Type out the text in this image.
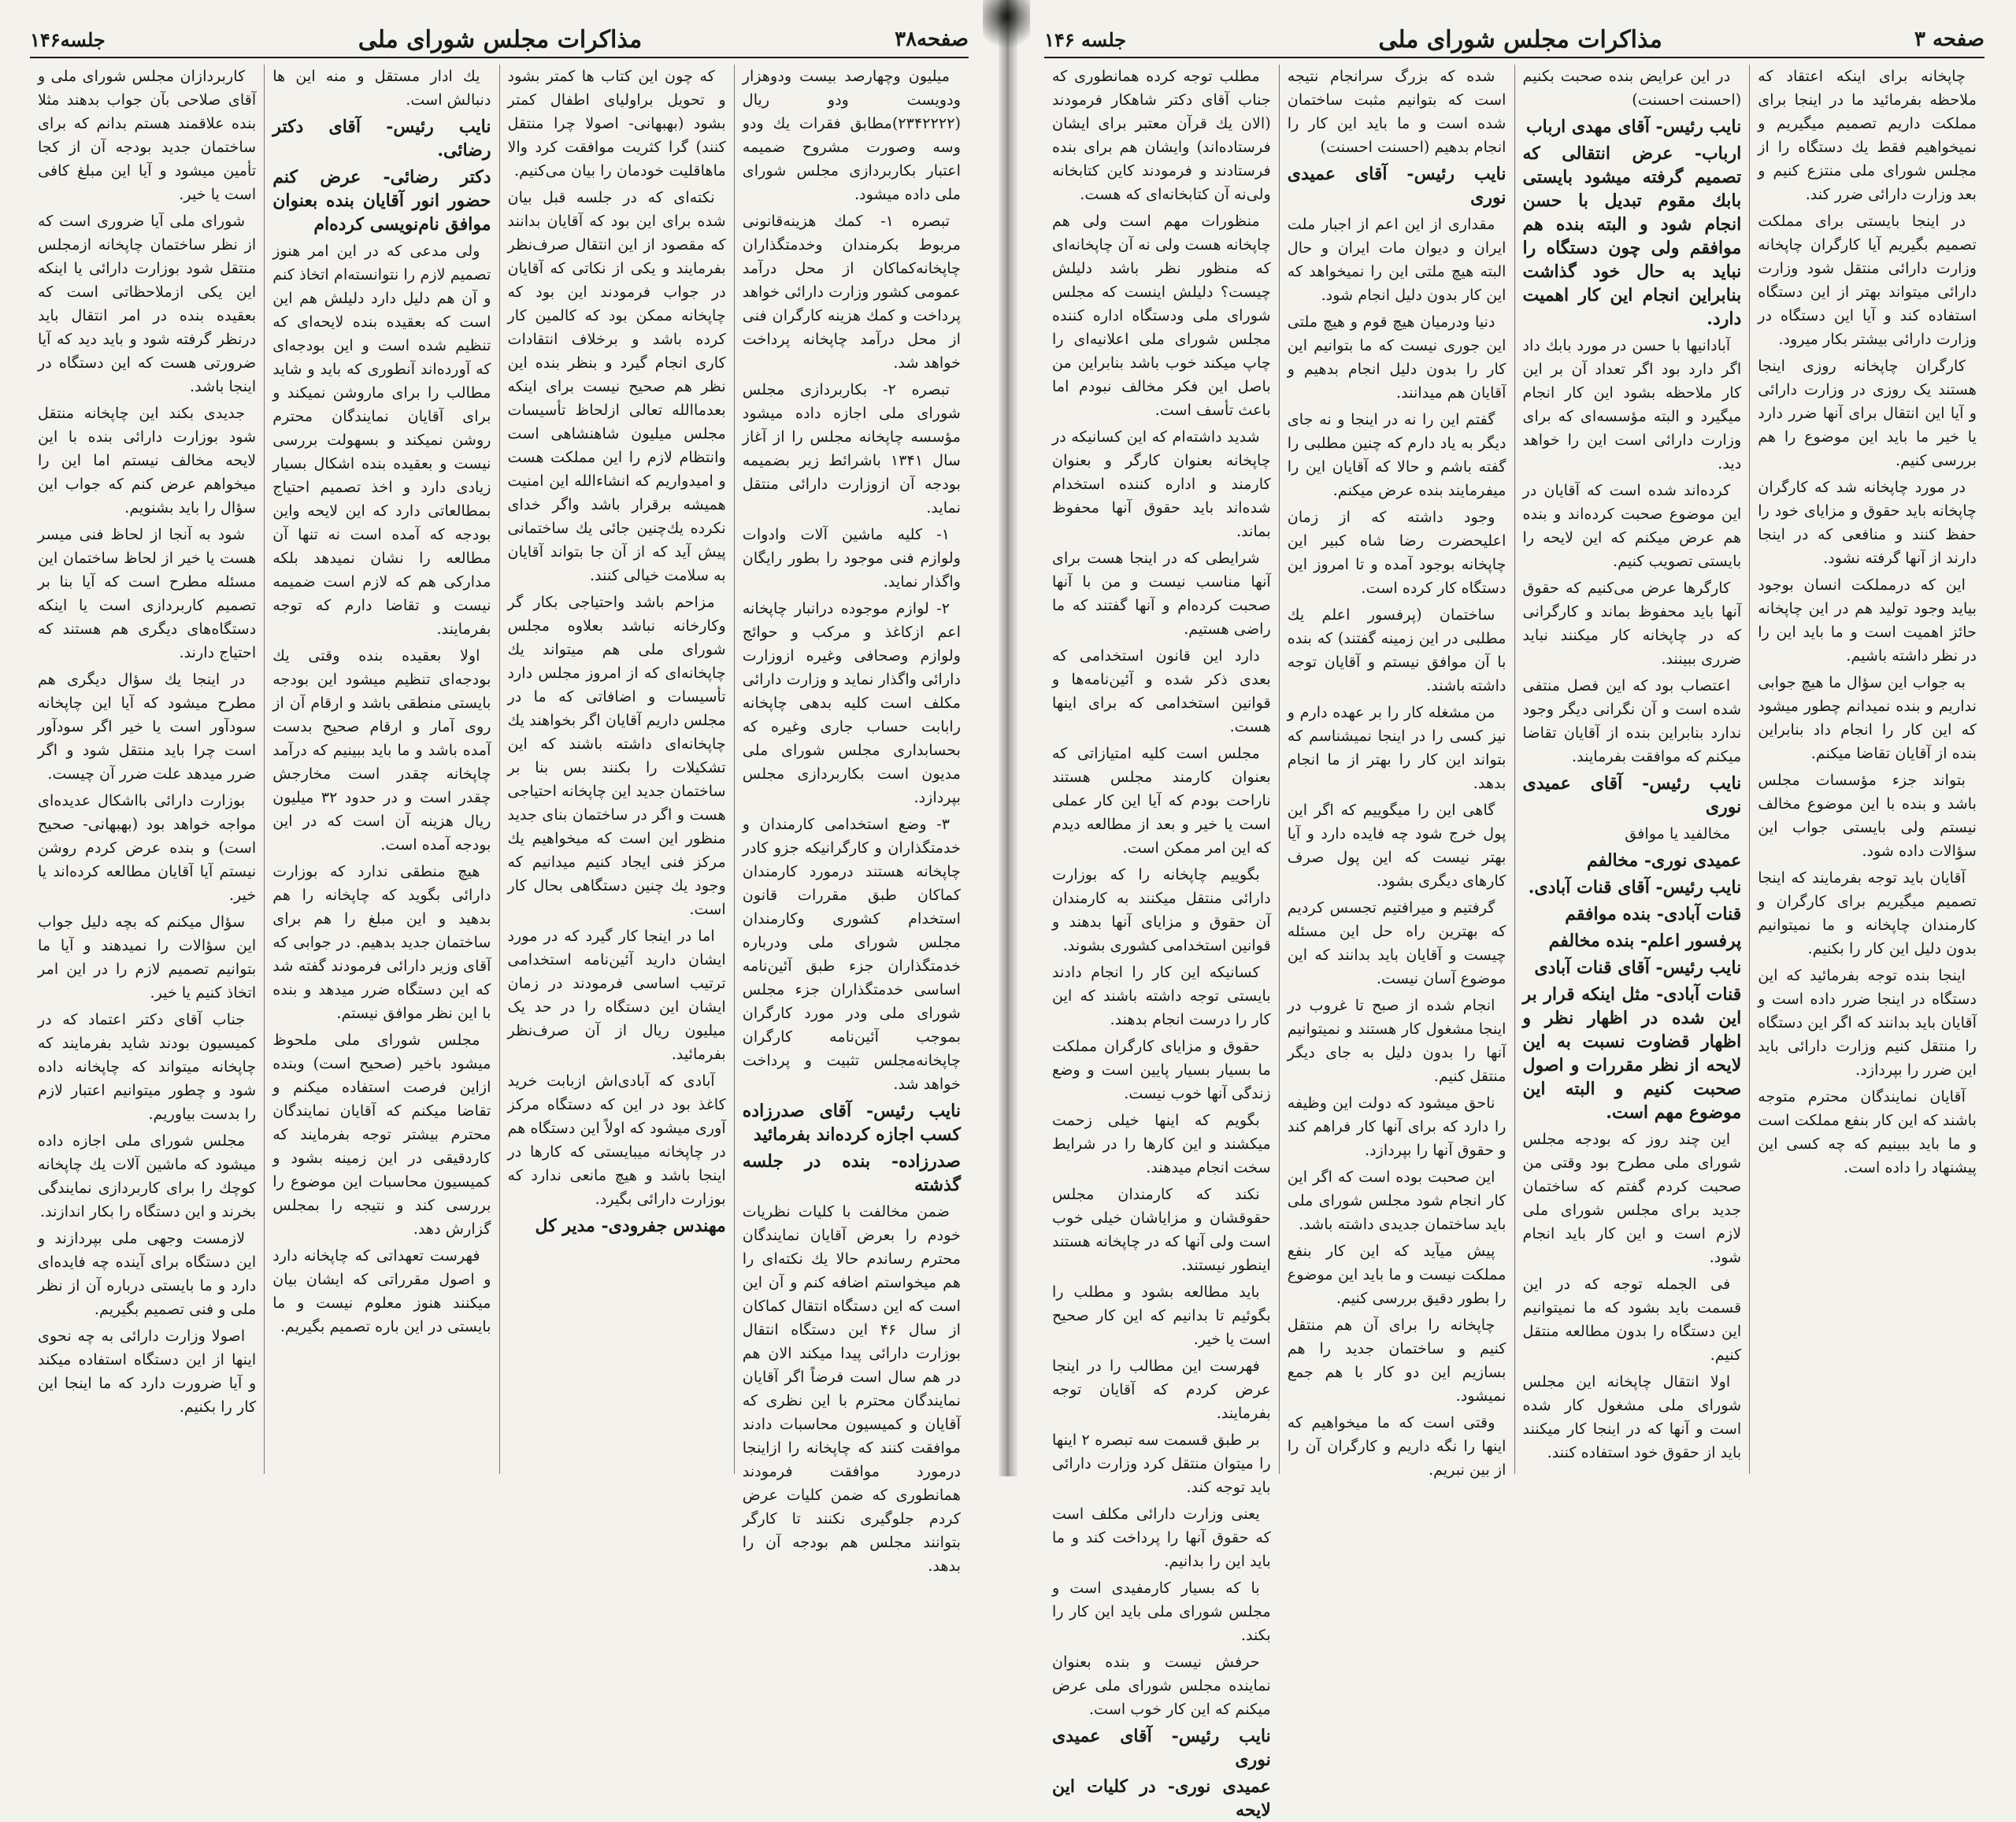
صفحه۳۸
مذاکرات مجلس شورای ملی
جلسه۱۴۶

میلیون وچهارصد بیست ودوهزار ودویست ودو ریال (۲۳۴۲۲۲۲)مطابق فقرات یك ودو وسه وصورت مشروح ضمیمه اعتبار بکاربردازی مجلس شورای ملی داده میشود.

تبصره ۱- کمك هزینه‌قانونی مربوط بکرمندان وخدمتگذاران چاپخانه‌کماکان از محل درآمد عمومی کشور وزارت دارائی خواهد پرداخت و کمك هزینه کارگران فنی از محل درآمد چاپخانه پرداخت خواهد شد.

تبصره ۲- بکاربردازی مجلس شورای ملی اجازه داده میشود مؤسسه چاپخانه مجلس را از آغاز سال ۱۳۴۱ باشرائط زیر بضمیمه بودجه آن ازوزارت دارائی منتقل نماید.

۱- کلیه ماشین آلات وادوات ولوازم فنی موجود را بطور رایگان واگذار نماید.

۲- لوازم موجوده درانبار چاپخانه اعم ازکاغذ و مرکب و حوائج ولوازم وصحافی وغیره ازوزارت دارائی واگذار نماید و وزارت دارائی مکلف است کلیه بدهی چاپخانه رابابت حساب جاری وغیره که بحسابداری مجلس شورای ملی مدیون است بکاربردازی مجلس بپردازد.

۳- وضع استخدامی کارمندان و خدمتگذاران و کارگرانیکه جزو کادر چاپخانه هستند درمورد کارمندان کماکان طبق مقررات قانون استخدام کشوری وکارمندان مجلس شورای ملی ودرباره خدمتگذاران جزء طبق آئین‌نامه اساسی خدمتگذاران جزء مجلس شورای ملی ودر مورد کارگران بموجب آئین‌نامه کارگران چاپخانه‌مجلس تثبیت و پرداخت خواهد شد.

نایب رئیس- آقای صدرزاده کسب اجازه کرده‌اند بفرمائید

صدرزاده- بنده در جلسه گذشته

ضمن مخالفت با کلیات نظریات خودم را بعرض آقایان نمایندگان محترم رساندم حالا یك نکته‌ای را هم میخواستم اضافه کنم و آن این است که این دستگاه انتقال کماکان از سال ۴۶ این دستگاه انتقال بوزارت دارائی پیدا میکند الان هم در هم سال است فرضاً اگر آقایان نمایندگان محترم با این نظری که آقایان و کمیسیون محاسبات دادند موافقت کنند که چاپخانه را ازاینجا درمورد موافقت فرمودند همانطوری که ضمن کلیات عرض کردم جلوگیری نکنند تا کارگر بتوانند مجلس هم بودجه آن را بدهد.

که چون این کتاب ها کمتر بشود و تحویل براولیای اطفال کمتر بشود (بهبهانی- اصولا چرا منتقل کنند) گرا کثریت موافقت کرد والا ماهاقلیت خودمان را بیان می‌کنیم.

نکته‌ای که در جلسه قبل بیان شده برای این بود که آقایان بدانند که مقصود از این انتقال صرف‌نظر بفرمایند و یکی از نکاتی که آقایان در جواب فرمودند این بود که چاپخانه ممکن بود که کالمین کار کرده باشد و برخلاف انتقادات کاری انجام گیرد و بنظر بنده این نظر هم صحیح نیست برای اینکه بعدماالله تعالی ازلحاظ تأسیسات مجلس میلیون شاهنشاهی است وانتظام لازم را این مملکت هست و امیدواریم که انشاءالله این امنیت همیشه برقرار باشد واگر خدای نکرده یك‌چنین جائی یك ساختمانی پیش آید که از آن جا بتواند آقایان به سلامت خیالی کنند.

مزاحم باشد واحتیاجی بکار گر وکارخانه نباشد بعلاوه مجلس شورای ملی هم میتواند یك چاپخانه‌ای که از امروز مجلس دارد تأسیسات و اضافاتی که ما در مجلس داریم آقایان اگر بخواهند یك چاپخانه‌ای داشته باشند که این تشکیلات را بکنند بس بنا بر ساختمان جدید این چاپخانه احتیاجی هست و اگر در ساختمان بنای جدید منظور این است که میخواهیم یك مرکز فنی ایجاد کنیم میدانیم که وجود یك چنین دستگاهی بحال کار است.

اما در اینجا کار گیرد که در مورد ایشان دارید آئین‌نامه استخدامی ترتیب اساسی فرمودند در زمان ایشان این دستگاه را در حد یک میلیون ریال از آن صرف‌نظر بفرمائید.

آبادی که آبادی‌اش ازبابت خرید کاغذ بود در این که دستگاه مرکز آوری میشود که اولاً این دستگاه هم در چاپخانه میبایستی که کارها در اینجا باشد و هیچ مانعی ندارد که بوزارت دارائی بگیرد.

مهندس جفرودی- مدیر کل

یك ادار مستقل و منه این ها دنبالش است.

نایب رئیس- آقای دکتر رضائی.

دکتر رضائی- عرض کنم حضور انور آقایان بنده بعنوان موافق نام‌نویسی کرده‌ام

ولی مدعی که در این امر هنوز تصمیم لازم را نتوانسته‌ام اتخاذ کنم و آن هم دلیل دارد دلیلش هم این است که بعقیده بنده لایحه‌ای که تنظیم شده است و این بودجه‌ای که آورده‌اند آنطوری که باید و شاید مطالب را برای ماروشن نمیکند و برای آقایان نمایندگان محترم روشن نمیکند و بسهولت بررسی نیست و بعقیده بنده اشکال بسیار زیادی دارد و اخذ تصمیم احتیاج بمطالعاتی دارد که این لایحه واین بودجه که آمده است نه تنها آن مطالعه را نشان نمیدهد بلکه مدارکی هم که لازم است ضمیمه نیست و تقاضا دارم که توجه بفرمایند.

اولا بعقیده بنده وقتی یك بودجه‌ای تنظیم میشود این بودجه بایستی منطقی باشد و ارقام آن از روی آمار و ارقام صحیح بدست آمده باشد و ما باید ببینیم که درآمد چاپخانه چقدر است مخارجش چقدر است و در حدود ۳۲ میلیون ریال هزینه آن است که در این بودجه آمده است.

هیچ منطقی ندارد که بوزارت دارائی بگوید که چاپخانه را هم بدهید و این مبلغ را هم برای ساختمان جدید بدهیم. در جوابی که آقای وزیر دارائی فرمودند گفته شد که این دستگاه ضرر میدهد و بنده با این نظر موافق نیستم.

مجلس شورای ملی ملحوظ میشود باخیر (صحیح است) وبنده ازاین فرصت استفاده میکنم و تقاضا میکنم که آقایان نمایندگان محترم بیشتر توجه بفرمایند که کاردقیقی در این زمینه بشود و کمیسیون محاسبات این موضوع را بررسی کند و نتیجه را بمجلس گزارش دهد.

فهرست تعهداتی که چاپخانه دارد و اصول مقرراتی که ایشان بیان میکنند هنوز معلوم نیست و ما بایستی در این باره تصمیم بگیریم.

کاربردازان مجلس شورای ملی و آقای صلاحی بآن جواب بدهند مثلا بنده علاقمند هستم بدانم که برای ساختمان جدید بودجه آن از کجا تأمین میشود و آیا این مبلغ کافی است یا خیر.

شورای ملی آیا ضروری است که از نظر ساختمان چاپخانه ازمجلس منتقل شود بوزارت دارائی یا اینکه این یکی ازملاحظاتی است که بعقیده بنده در امر انتقال باید درنظر گرفته شود و باید دید که آیا ضرورتی هست که این دستگاه در اینجا باشد.

جدیدی بکند این چاپخانه منتقل شود بوزارت دارائی بنده با این لایحه مخالف نیستم اما این را میخواهم عرض کنم که جواب این سؤال را باید بشنویم.

شود به آنجا از لحاظ فنی میسر هست یا خیر از لحاظ ساختمان این مسئله مطرح است که آیا بنا بر تصمیم کاربردازی است یا اینکه دستگاه‌های دیگری هم هستند که احتیاج دارند.

در اینجا یك سؤال دیگری هم مطرح میشود که آیا این چاپخانه سودآور است یا خیر اگر سودآور است چرا باید منتقل شود و اگر ضرر میدهد علت ضرر آن چیست.

بوزارت دارائی بااشکال عدیده‌ای مواجه خواهد بود (بهبهانی- صحیح است) و بنده عرض کردم روشن نیستم آیا آقایان مطالعه کرده‌اند یا خیر.

سؤال میکنم که بچه دلیل جواب این سؤالات را نمیدهند و آیا ما بتوانیم تصمیم لازم را در این امر اتخاذ کنیم یا خیر.

جناب آقای دکتر اعتماد که در کمیسیون بودند شاید بفرمایند که چاپخانه میتواند که چاپخانه داده شود و چطور میتوانیم اعتبار لازم را بدست بیاوریم.

مجلس شورای ملی اجازه داده میشود که ماشین آلات یك چاپخانه کوچك را برای کاربردازی نمایندگی بخرند و این دستگاه را بکار اندازند.

لازمست وجهی ملی بپردازند و این دستگاه برای آینده چه فایده‌ای دارد و ما بایستی درباره آن از نظر ملی و فنی تصمیم بگیریم.

اصولا وزارت دارائی به چه نحوی اینها از این دستگاه استفاده میکند و آیا ضرورت دارد که ما اینجا این کار را بکنیم.

صفحه ۳
مذاکرات مجلس شورای ملی
جلسه ۱۴۶

چاپخانه برای اینکه اعتقاد که ملاحظه بفرمائید ما در اینجا برای مملکت داریم تصمیم میگیریم و نمیخواهیم فقط یك دستگاه را از مجلس شورای ملی منتزع کنیم و بعد وزارت دارائی ضرر کند.

در اینجا بایستی برای مملکت تصمیم بگیریم آیا کارگران چاپخانه وزارت دارائی منتقل شود وزارت دارائی میتواند بهتر از این دستگاه استفاده کند و آیا این دستگاه در وزارت دارائی بیشتر بکار میرود.

کارگران چاپخانه روزی اینجا هستند یک روزی در وزارت دارائی و آیا این انتقال برای آنها ضرر دارد یا خیر ما باید این موضوع را هم بررسی کنیم.

در مورد چاپخانه شد که کارگران چاپخانه باید حقوق و مزایای خود را حفظ کنند و منافعی که در اینجا دارند از آنها گرفته نشود.

این که درمملکت انسان بوجود بیاید وجود تولید هم در این چاپخانه حائز اهمیت است و ما باید این را در نظر داشته باشیم.

به جواب این سؤال ما هیچ جوابی نداریم و بنده نمیدانم چطور میشود که این کار را انجام داد بنابراین بنده از آقایان تقاضا میکنم.

بتواند جزء مؤسسات مجلس باشد و بنده با این موضوع مخالف نیستم ولی بایستی جواب این سؤالات داده شود.

آقایان باید توجه بفرمایند که اینجا تصمیم میگیریم برای کارگران و کارمندان چاپخانه و ما نمیتوانیم بدون دلیل این کار را بکنیم.

اینجا بنده توجه بفرمائید که این دستگاه در اینجا ضرر داده است و آقایان باید بدانند که اگر این دستگاه را منتقل کنیم وزارت دارائی باید این ضرر را بپردازد.

آقایان نمایندگان محترم متوجه باشند که این کار بنفع مملکت است و ما باید ببینیم که چه کسی این پیشنهاد را داده است.

در این عرایض بنده صحبت بکنیم (احسنت احسنت)

نایب رئیس- آقای مهدی ارباب

ارباب- عرض انتقالی که تصمیم گرفته میشود بایستی بابك مقوم تبدیل با حسن انجام شود و البته بنده هم موافقم ولی چون دستگاه را نباید به حال خود گذاشت بنابراین انجام این کار اهمیت دارد.

آبادانیها با حسن در مورد بابك داد اگر دارد بود اگر تعداد آن بر این کار ملاحظه بشود این کار انجام میگیرد و البته مؤسسه‌ای که برای وزارت دارائی است این را خواهد دید.

کرده‌اند شده است که آقایان در این موضوع صحبت کرده‌اند و بنده هم عرض میکنم که این لایحه را بایستی تصویب کنیم.

کارگرها عرض می‌کنیم که حقوق آنها باید محفوظ بماند و کارگرانی که در چاپخانه کار میکنند نباید ضرری ببینند.

اعتصاب بود که این فصل منتفی شده است و آن نگرانی دیگر وجود ندارد بنابراین بنده از آقایان تقاضا میکنم که موافقت بفرمایند.

نایب رئیس- آقای عمیدی نوری

مخالفید یا موافق

عمیدی نوری- مخالفم

نایب رئیس- آقای قنات آبادی.

قنات آبادی- بنده موافقم

پرفسور اعلم- بنده مخالفم

نایب رئیس- آقای قنات آبادی

قنات آبادی- مثل اینکه قرار بر این شده در اظهار نظر و اظهار قضاوت نسبت به این لایحه از نظر مقررات و اصول صحبت کنیم و البته این موضوع مهم است.

این چند روز که بودجه مجلس شورای ملی مطرح بود وقتی من صحبت کردم گفتم که ساختمان جدید برای مجلس شورای ملی لازم است و این کار باید انجام شود.

فی الجمله توجه که در این قسمت باید بشود که ما نمیتوانیم این دستگاه را بدون مطالعه منتقل کنیم.

اولا انتقال چاپخانه این مجلس شورای ملی مشغول کار شده است و آنها که در اینجا کار میکنند باید از حقوق خود استفاده کنند.

شده که بزرگ سرانجام نتیجه است که بتوانیم مثبت ساختمان شده است و ما باید این کار را انجام بدهیم (احسنت احسنت)

نایب رئیس- آقای عمیدی نوری

مقداری از این اعم از اجبار ملت ایران و دیوان مات ایران و حال البته هیچ ملتی این را نمیخواهد که این کار بدون دلیل انجام شود.

دنیا ودرمیان هیچ قوم و هیچ ملتی این جوری نیست که ما بتوانیم این کار را بدون دلیل انجام بدهیم و آقایان هم میدانند.

گفتم این را نه در اینجا و نه جای دیگر به یاد دارم که چنین مطلبی را گفته باشم و حالا که آقایان این را میفرمایند بنده عرض میکنم.

وجود داشته که از زمان اعلیحضرت رضا شاه کبیر این چاپخانه بوجود آمده و تا امروز این دستگاه کار کرده است.

ساختمان (پرفسور اعلم یك مطلبی در این زمینه گفتند) که بنده با آن موافق نیستم و آقایان توجه داشته باشند.

من مشغله کار را بر عهده دارم و نیز کسی را در اینجا نمیشناسم که بتواند این کار را بهتر از ما انجام بدهد.

گاهی این را میگوییم که اگر این پول خرج شود چه فایده دارد و آیا بهتر نیست که این پول صرف کارهای دیگری بشود.

گرفتیم و میرافتیم تجسس کردیم که بهترین راه حل این مسئله چیست و آقایان باید بدانند که این موضوع آسان نیست.

انجام شده از صبح تا غروب در اینجا مشغول کار هستند و نمیتوانیم آنها را بدون دلیل به جای دیگر منتقل کنیم.

ناحق میشود که دولت این وظیفه را دارد که برای آنها کار فراهم کند و حقوق آنها را بپردازد.

این صحبت بوده است که اگر این کار انجام شود مجلس شورای ملی باید ساختمان جدیدی داشته باشد.

پیش میآید که این کار بنفع مملکت نیست و ما باید این موضوع را بطور دقیق بررسی کنیم.

چاپخانه را برای آن هم منتقل کنیم و ساختمان جدید را هم بسازیم این دو کار با هم جمع نمیشود.

وقتی است که ما میخواهیم که اینها را نگه داریم و کارگران آن را از بین نبریم.

مطلب توجه کرده همانطوری که جناب آقای دکتر شاهکار فرمودند (الان یك قرآن معتبر برای ایشان فرستاده‌اند) وایشان هم برای بنده فرستادند و فرمودند کاین کتابخانه ولی‌نه آن کتابخانه‌ای که هست.

منظورات مهم است ولی هم چاپخانه هست ولی نه آن چاپخانه‌ای که منظور نظر باشد دلیلش چیست؟ دلیلش اینست که مجلس شورای ملی ودستگاه اداره کننده مجلس شورای ملی اعلانیه‌ای را چاپ میکند خوب باشد بنابراین من باصل این فکر مخالف نبودم اما باعث تأسف است.

شدید داشته‌ام که این کسانیکه در چاپخانه بعنوان کارگر و بعنوان کارمند و اداره کننده استخدام شده‌اند باید حقوق آنها محفوظ بماند.

شرایطی که در اینجا هست برای آنها مناسب نیست و من با آنها صحبت کرده‌ام و آنها گفتند که ما راضی هستیم.

دارد این قانون استخدامی که بعدی ذکر شده و آئین‌نامه‌ها و قوانین استخدامی که برای اینها هست.

مجلس است کلیه امتیازاتی که بعنوان کارمند مجلس هستند ناراحت بودم که آیا این کار عملی است یا خیر و بعد از مطالعه دیدم که این امر ممکن است.

بگوییم چاپخانه را که بوزارت دارائی منتقل میکنند به کارمندان آن حقوق و مزایای آنها بدهند و قوانین استخدامی کشوری بشوند.

کسانیکه این کار را انجام دادند بایستی توجه داشته باشند که این کار را درست انجام بدهند.

حقوق و مزایای کارگران مملکت ما بسیار بسیار پایین است و وضع زندگی آنها خوب نیست.

بگویم که اینها خیلی زحمت میکشند و این کارها را در شرایط سخت انجام میدهند.

نکند که کارمندان مجلس حقوقشان و مزایاشان خیلی خوب است ولی آنها که در چاپخانه هستند اینطور نیستند.

باید مطالعه بشود و مطلب را بگوئیم تا بدانیم که این کار صحیح است یا خیر.

فهرست این مطالب را در اینجا عرض کردم که آقایان توجه بفرمایند.

بر طبق قسمت سه تبصره ۲ اینها را میتوان منتقل کرد وزارت دارائی باید توجه کند.

یعنی وزارت دارائی مکلف است که حقوق آنها را پرداخت کند و ما باید این را بدانیم.

با که بسیار کارمفیدی است و مجلس شورای ملی باید این کار را بکند.

حرفش نیست و بنده بعنوان نماینده مجلس شورای ملی عرض میکنم که این کار خوب است.

نایب رئیس- آقای عمیدی نوری

عمیدی نوری- در کلیات این لایحه
